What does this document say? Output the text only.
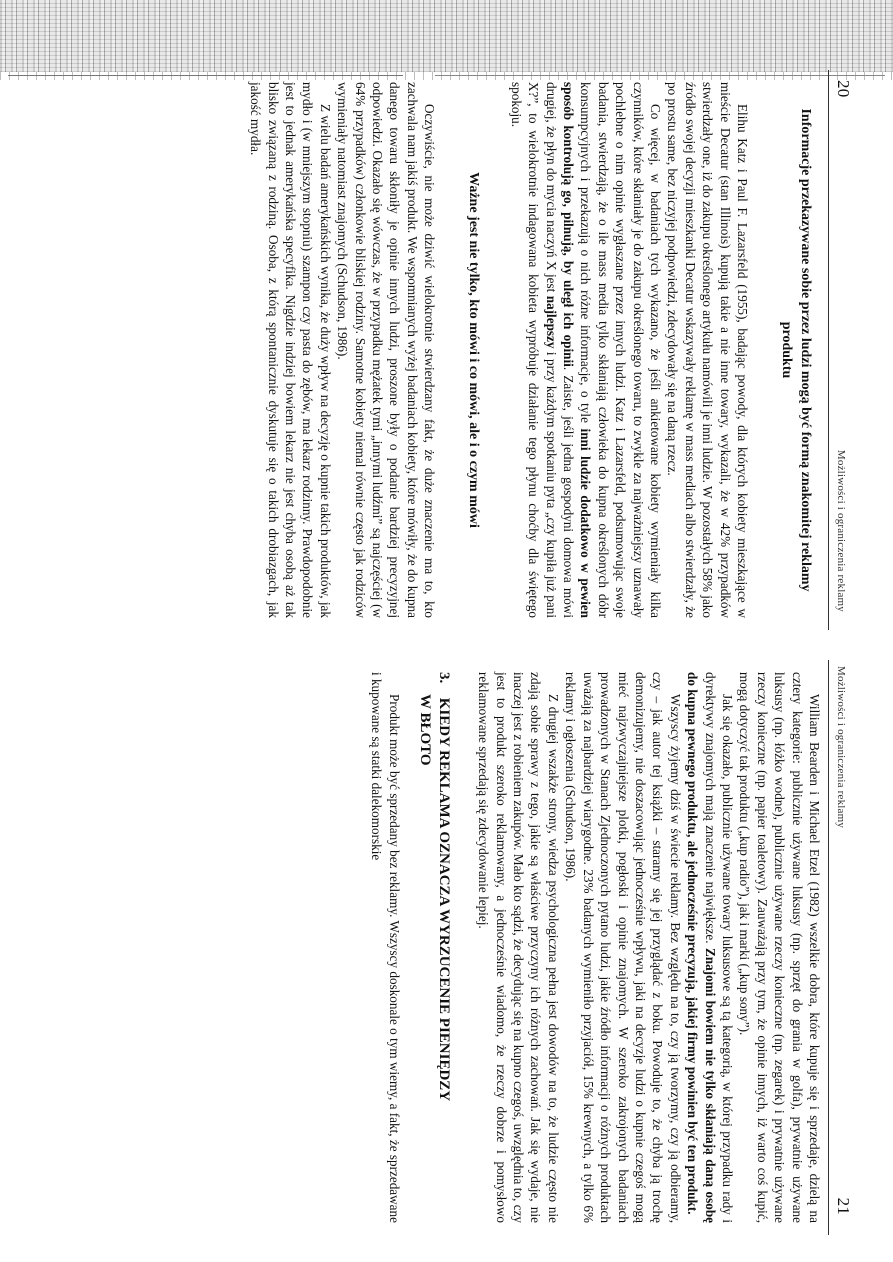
20
Możliwości i ograniczenia reklamy
Informacje przekazywane sobie przez ludzi mogą być formą znakomitej reklamy produktu

Elihu Katz i Paul F. Lazarsfeld (1955), badając powody, dla których kobiety mieszkające w mieście Decatur (stan Illinois) kupują takie a nie inne towary, wykazali, że w 42% przypadków stwierdzały one, iż do zakupu określonego artykułu namówili je inni ludzie. W pozostałych 58% jako źródło swojej decyzji mieszkanki Decatur wskazywały reklamę w mass mediach albo stwierdzały, że po prostu same, bez niczyjej podpowiedzi, zdecydowały się na daną rzecz.

Co więcej, w badaniach tych wykazano, że jeśli ankietowane kobiety wymieniały kilka czynników, które skłaniały je do zakupu określonego towaru, to zwykle za najważniejszy uznawały pochlebne o nim opinie wygłaszane przez innych ludzi. Katz i Lazarsfeld, podsumowując swoje badania, stwierdzają, że o ile mass media tylko skłaniają człowieka do kupna określonych dóbr konsumpcyjnych i przekazują o nich różne informacje, o tyle inni ludzie dodatkowo w pewien sposób kontrolują go, pilnują, by uległ ich opinii. Zaiste, jeśli jedna gospodyni domowa mówi drugiej, że płyn do mycia naczyń X jest najlepszy i przy każdym spotkaniu pyta „czy kupiła już pani X?”, to wielokrotnie indagowana kobieta wypróbuje działanie tego płynu choćby dla świętego spokoju.

Ważne jest nie tylko, kto mówi i co mówi, ale i o czym mówi

Oczywiście, nie może dziwić wielokrotnie stwierdzany fakt, że duże znaczenie ma to, kto zachwala nam jakiś produkt. We wspomnianych wyżej badaniach kobiety, które mówiły, że do kupna danego towaru skłoniły je opinie innych ludzi, proszone były o podanie bardziej precyzyjnej odpowiedzi. Okazało się wówczas, że w przypadku mężatek tymi „innymi ludźmi” są najczęściej (w 64% przypadków) członkowie bliskiej rodziny. Samotne kobiety niemal równie często jak rodziców wymieniały natomiast znajomych (Schudson, 1986).

Z wielu badań amerykańskich wynika, że duży wpływ na decyzję o kupnie takich produktów, jak mydło i (w mniejszym stopniu) szampon czy pasta do zębów, ma lekarz rodzinny. Prawdopodobnie jest to jednak amerykańska specyfika. Nigdzie indziej bowiem lekarz nie jest chyba osobą aż tak blisko związaną z rodziną. Osoba, z którą spontanicznie dyskutuje się o takich drobiazgach, jak jakość mydła.

Możliwości i ograniczenia reklamy
21

William Bearden i Michael Etzel (1982) wszelkie dobra, które kupuje się i sprzedaje, dzielą na cztery kategorie: publicznie używane luksusy (np. sprzęt do grania w golfa), prywatnie używane luksusy (np. łóżko wodne), publicznie używane rzeczy konieczne (np. zegarek) i prywatnie używane rzeczy konieczne (np. papier toaletowy). Zauważają przy tym, że opinie innych, iż warto coś kupić, mogą dotyczyć tak produktu („kup radio”), jak i marki („kup sony”).

Jak się okazało, publicznie używane towary luksusowe są tą kategorią, w której przypadku rady i dyrektywy znajomych mają znaczenie największe. Znajomi bowiem nie tylko skłaniają daną osobę do kupna pewnego produktu, ale jednocześnie precyzują, jakiej firmy powinien być ten produkt.

Wszyscy żyjemy dziś w świecie reklamy. Bez względu na to, czy ją tworzymy, czy ją odbieramy, czy – jak autor tej książki – staramy się jej przyglądać z boku. Powoduje to, że chyba ją trochę demonizujemy, nie doszacowując jednocześnie wpływu, jaki na decyzje ludzi o kupnie czegoś mogą mieć najzwyczajniejsze plotki, pogłoski i opinie znajomych. W szeroko zakrojonych badaniach prowadzonych w Stanach Zjednoczonych pytano ludzi, jakie źródło informacji o różnych produktach uważają za najbardziej wiarygodne. 23% badanych wymieniło przyjaciół, 15% krewnych, a tylko 6% reklamy i ogłoszenia (Schudson, 1986).

Z drugiej wszakże strony, wiedza psychologiczna pełna jest dowodów na to, że ludzie często nie zdają sobie sprawy z tego, jakie są właściwe przyczyny ich różnych zachowań. Jak się wydaje, nie inaczej jest z robieniem zakupów. Mało kto sądzi, że decydując się na kupno czegoś, uwzględnia to, czy jest to produkt szeroko reklamowany, a jednocześnie wiadomo, że rzeczy dobrze i pomysłowo reklamowane sprzedają się zdecydowanie lepiej.

3. KIEDY REKLAMA OZNACZA WYRZUCENIE PIENIĘDZY
W BŁOTO

Produkt może być sprzedany bez reklamy. Wszyscy doskonale o tym wiemy, a fakt, że sprzedawane i kupowane są statki dalekomorskie
